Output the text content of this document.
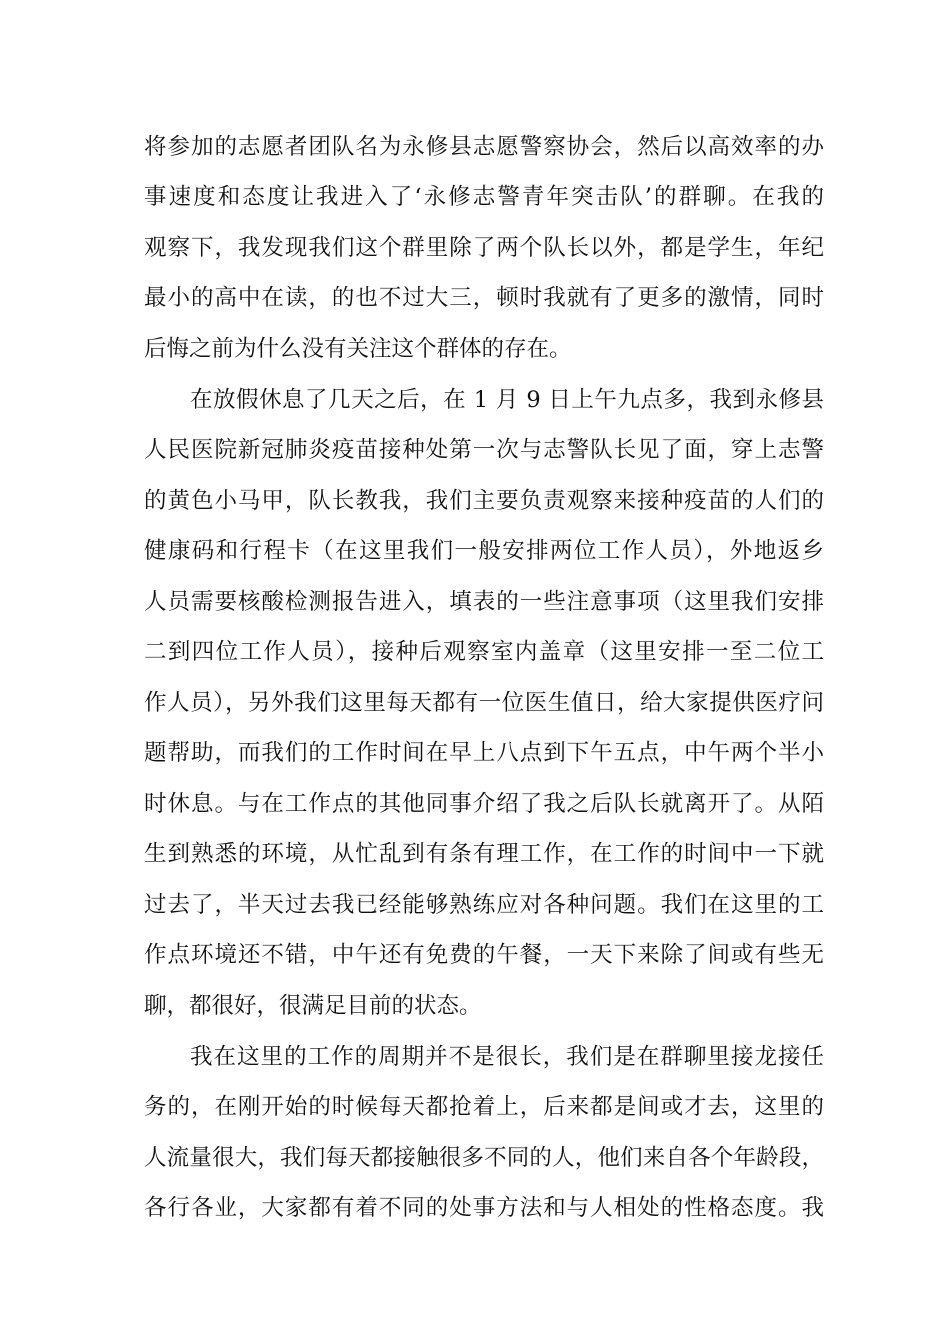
将参加的志愿者团队名为永修县志愿警察协会，然后以高效率的办
事速度和态度让我进入了‘永修志警青年突击队’的群聊。在我的
观察下，我发现我们这个群里除了两个队长以外，都是学生，年纪
最小的高中在读，的也不过大三，顿时我就有了更多的激情，同时
后悔之前为什么没有关注这个群体的存在。
在放假休息了几天之后，在 1 月 9 日上午九点多，我到永修县
人民医院新冠肺炎疫苗接种处第一次与志警队长见了面，穿上志警
的黄色小马甲，队长教我，我们主要负责观察来接种疫苗的人们的
健康码和行程卡（在这里我们一般安排两位工作人员），外地返乡
人员需要核酸检测报告进入，填表的一些注意事项（这里我们安排
二到四位工作人员），接种后观察室内盖章（这里安排一至二位工
作人员），另外我们这里每天都有一位医生值日，给大家提供医疗问
题帮助，而我们的工作时间在早上八点到下午五点，中午两个半小
时休息。与在工作点的其他同事介绍了我之后队长就离开了。从陌
生到熟悉的环境，从忙乱到有条有理工作，在工作的时间中一下就
过去了，半天过去我已经能够熟练应对各种问题。我们在这里的工
作点环境还不错，中午还有免费的午餐，一天下来除了间或有些无
聊，都很好，很满足目前的状态。
我在这里的工作的周期并不是很长，我们是在群聊里接龙接任
务的，在刚开始的时候每天都抢着上，后来都是间或才去，这里的
人流量很大，我们每天都接触很多不同的人，他们来自各个年龄段，
各行各业，大家都有着不同的处事方法和与人相处的性格态度。我
